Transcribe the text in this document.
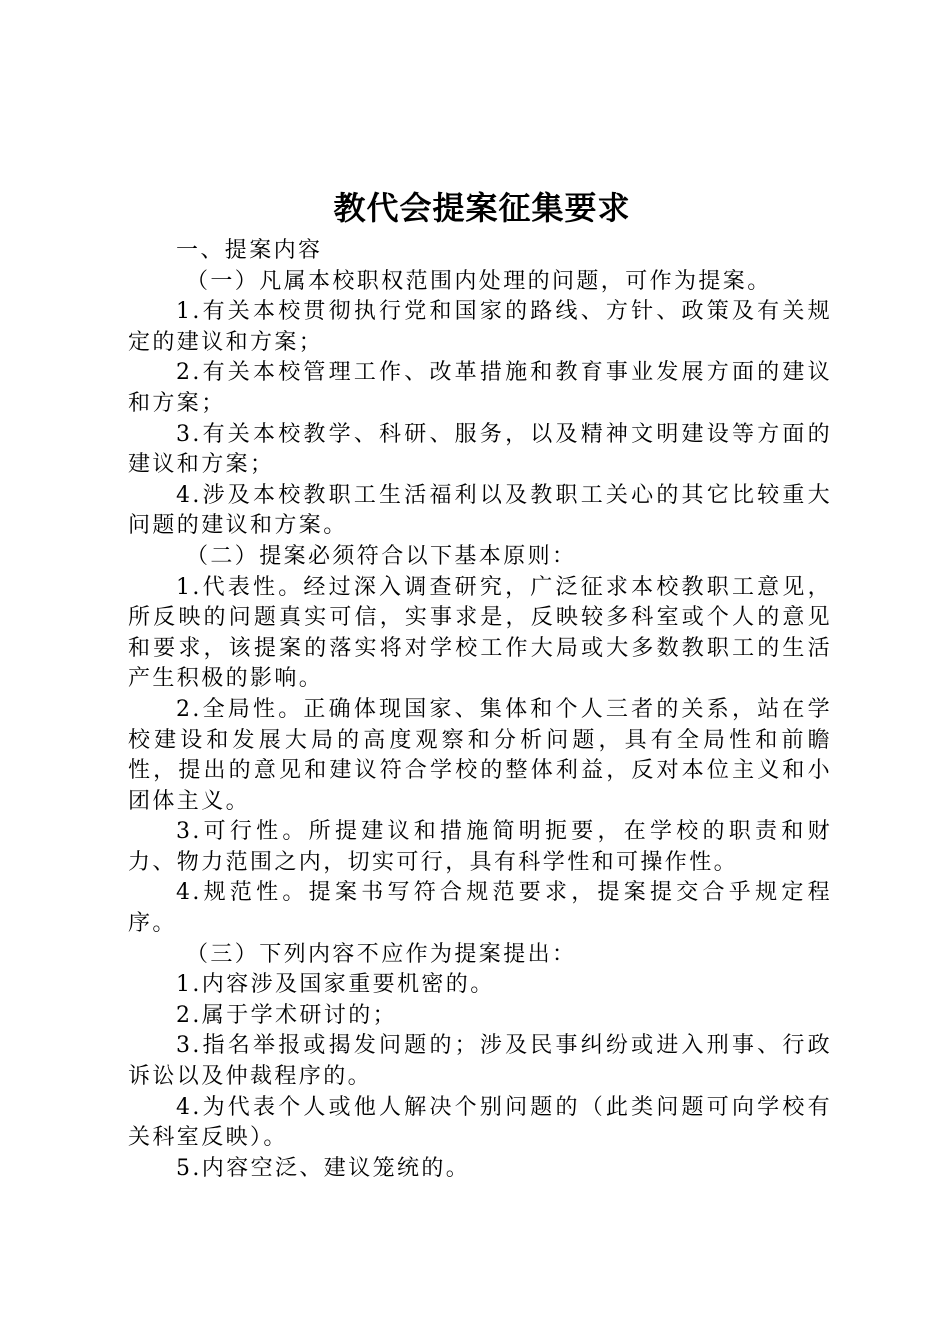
教代会提案征集要求

一、提案内容

（一）凡属本校职权范围内处理的问题，可作为提案。

1.有关本校贯彻执行党和国家的路线、方针、政策及有关规定的建议和方案；

2.有关本校管理工作、改革措施和教育事业发展方面的建议和方案；

3.有关本校教学、科研、服务，以及精神文明建设等方面的建议和方案；

4.涉及本校教职工生活福利以及教职工关心的其它比较重大问题的建议和方案。

（二）提案必须符合以下基本原则：

1.代表性。经过深入调查研究，广泛征求本校教职工意见，所反映的问题真实可信，实事求是，反映较多科室或个人的意见和要求，该提案的落实将对学校工作大局或大多数教职工的生活产生积极的影响。

2.全局性。正确体现国家、集体和个人三者的关系，站在学校建设和发展大局的高度观察和分析问题，具有全局性和前瞻性，提出的意见和建议符合学校的整体利益，反对本位主义和小团体主义。

3.可行性。所提建议和措施简明扼要，在学校的职责和财力、物力范围之内，切实可行，具有科学性和可操作性。

4.规范性。提案书写符合规范要求，提案提交合乎规定程序。

（三）下列内容不应作为提案提出：

1.内容涉及国家重要机密的。

2.属于学术研讨的；

3.指名举报或揭发问题的；涉及民事纠纷或进入刑事、行政诉讼以及仲裁程序的。

4.为代表个人或他人解决个别问题的（此类问题可向学校有关科室反映）。

5.内容空泛、建议笼统的。
